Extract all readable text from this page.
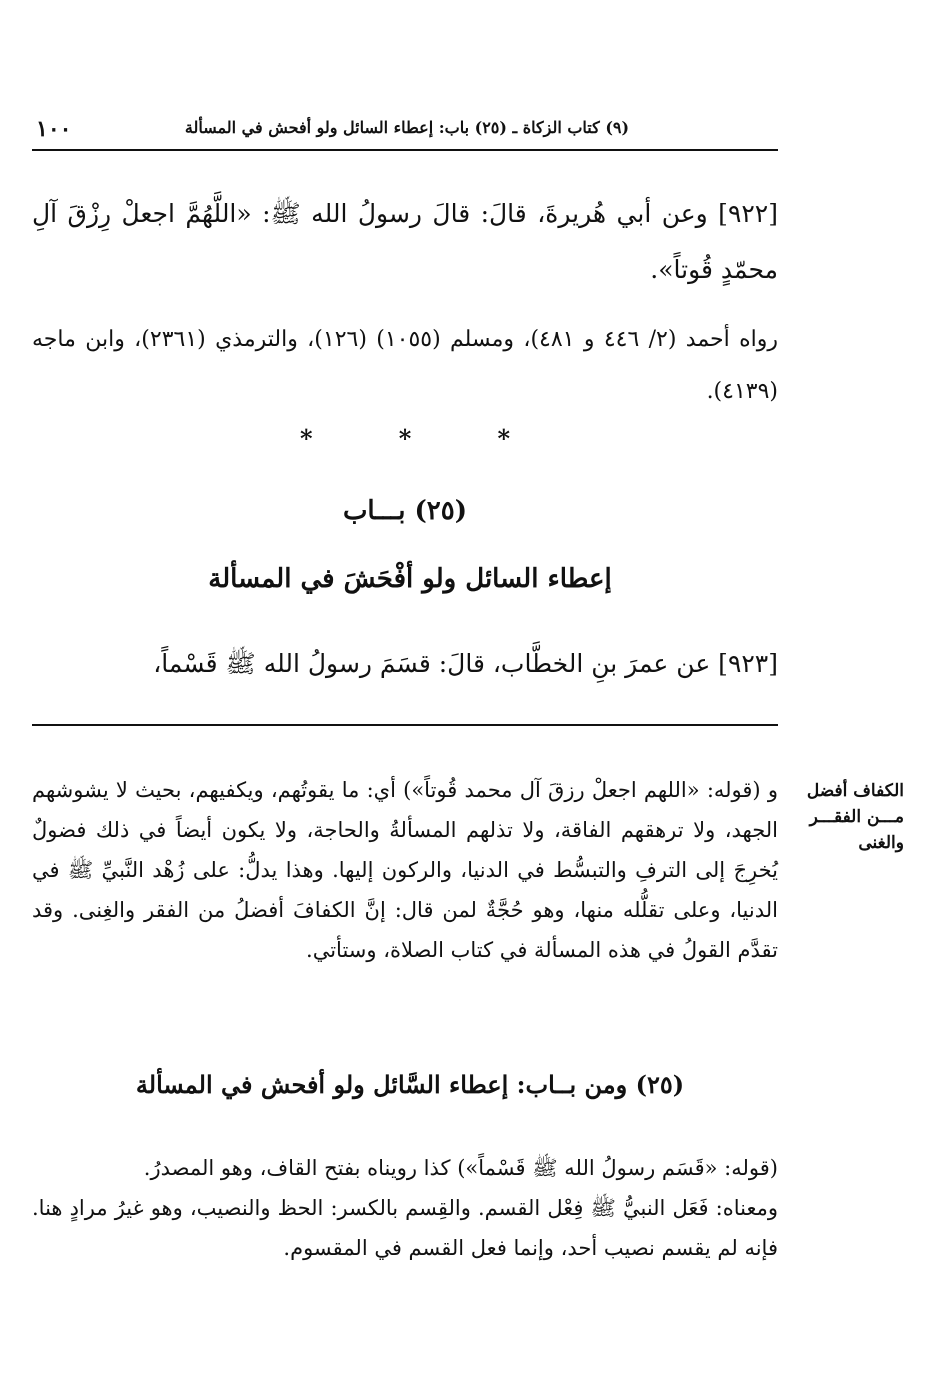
١٠٠	(٩) كتاب الزكاة ـ (٢٥) باب: إعطاء السائل ولو أفحش في المسألة

[٩٢٢] وعن أبي هُريرةَ، قالَ: قالَ رسولُ الله ﷺ: «اللَّهُمَّ اجعلْ رِزْقَ آلِ محمّدٍ قُوتاً».

رواه أحمد (٢/ ٤٤٦ و ٤٨١)، ومسلم (١٠٥٥) (١٢٦)، والترمذي (٢٣٦١)، وابن ماجه (٤١٣٩).

*	*	*
(٢٥) بـــاب
إعطاء السائل ولو أفْحَشَ في المسألة

[٩٢٣] عن عمرَ بنِ الخطَّاب، قالَ: قسَمَ رسولُ الله ﷺ قَسْماً،

الكفاف أفضل مـــن الفقـــر والغنى

و (قوله: «اللهم اجعلْ رزقَ آل محمد قُوتاً») أي: ما يقوتُهم، ويكفيهم، بحيث لا يشوشهم الجهد، ولا ترهقهم الفاقة، ولا تذلهم المسألةُ والحاجة، ولا يكون أيضاً في ذلك فضولٌ يُخرِجَ إلى الترفِ والتبسُّط في الدنيا، والركون إليها. وهذا يدلُّ: على زُهْد النَّبيِّ ﷺ في الدنيا، وعلى تقلُّله منها، وهو حُجَّةٌ لمن قال: إنَّ الكفافَ أفضلُ من الفقر والغِنى. وقد تقدَّم القولُ في هذه المسألة في كتاب الصلاة، وستأتي.

(٢٥) ومن بــاب: إعطاء السَّائل ولو أفحش في المسألة

(قوله: «قَسَم رسولُ الله ﷺ قَسْماً») كذا رويناه بفتح القاف، وهو المصدرُ.

ومعناه: فَعَل النبيُّ ﷺ فِعْل القسم. والقِسم بالكسر: الحظ والنصيب، وهو غيرُ مرادٍ هنا. فإنه لم يقسم نصيب أحد، وإنما فعل القسم في المقسوم.
